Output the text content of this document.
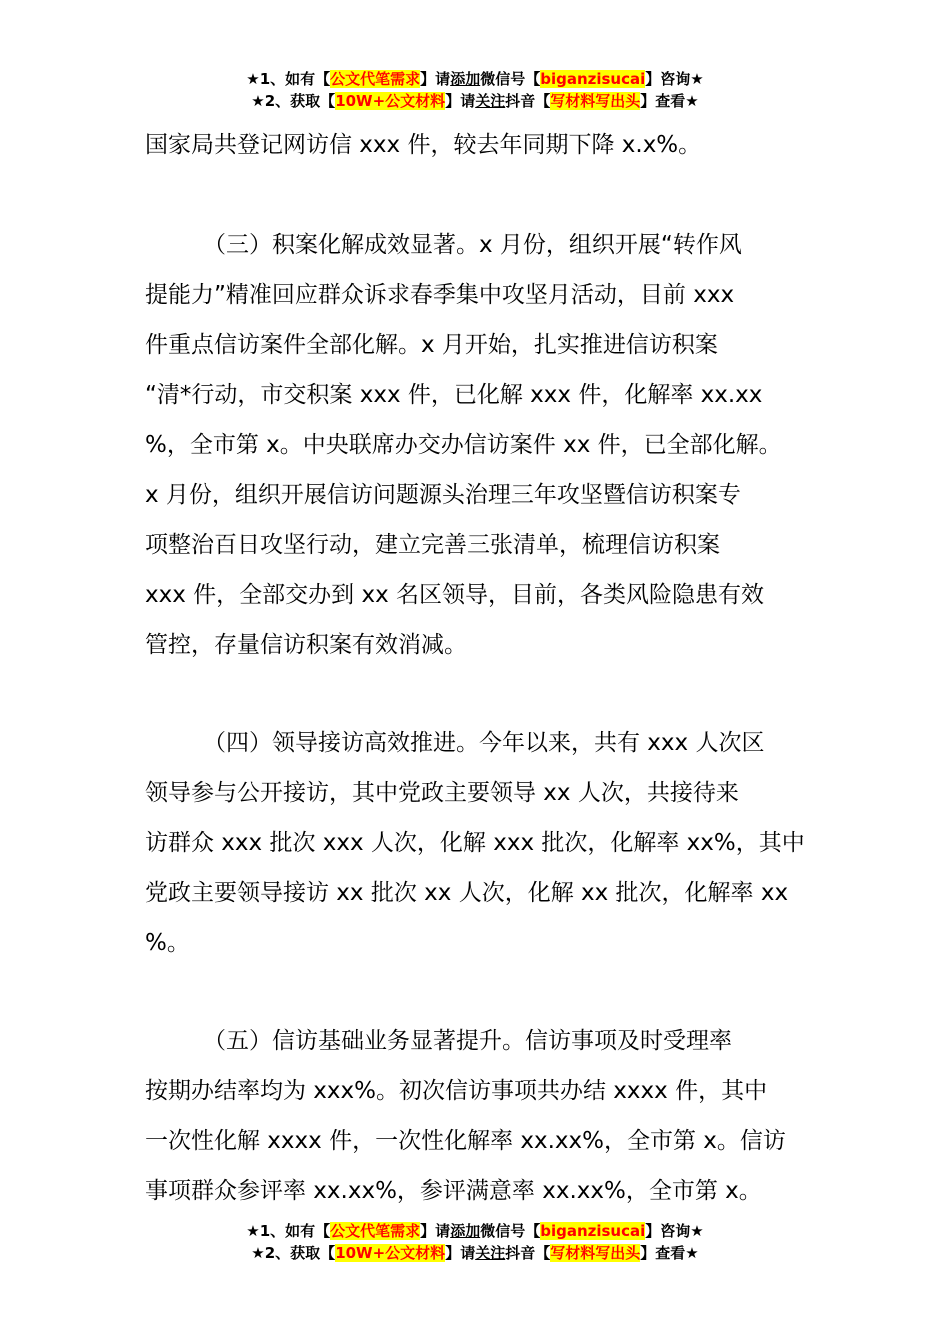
★1、如有【公文代笔需求】请添加微信号【biganzisucai】咨询★
★2、获取【10W+公文材料】请关注抖音【写材料写出头】查看★
国家局共登记网访信 xxx 件，较去年同期下降 x.x%。
（三）积案化解成效显著。x 月份，组织开展“转作风
提能力”精准回应群众诉求春季集中攻坚月活动，目前 xxx
件重点信访案件全部化解。x 月开始，扎实推进信访积案
“清*行动，市交积案 xxx 件，已化解 xxx 件，化解率 xx.xx
%，全市第 x。中央联席办交办信访案件 xx 件，已全部化解。
x 月份，组织开展信访问题源头治理三年攻坚暨信访积案专
项整治百日攻坚行动，建立完善三张清单，梳理信访积案
xxx 件，全部交办到 xx 名区领导，目前，各类风险隐患有效
管控，存量信访积案有效消减。
（四）领导接访高效推进。今年以来，共有 xxx 人次区
领导参与公开接访，其中党政主要领导 xx 人次，共接待来
访群众 xxx 批次 xxx 人次，化解 xxx 批次，化解率 xx%，其中
党政主要领导接访 xx 批次 xx 人次，化解 xx 批次，化解率 xx
%。
（五）信访基础业务显著提升。信访事项及时受理率
按期办结率均为 xxx%。初次信访事项共办结 xxxx 件，其中
一次性化解 xxxx 件，一次性化解率 xx.xx%，全市第 x。信访
事项群众参评率 xx.xx%，参评满意率 xx.xx%，全市第 x。
★1、如有【公文代笔需求】请添加微信号【biganzisucai】咨询★
★2、获取【10W+公文材料】请关注抖音【写材料写出头】查看★
